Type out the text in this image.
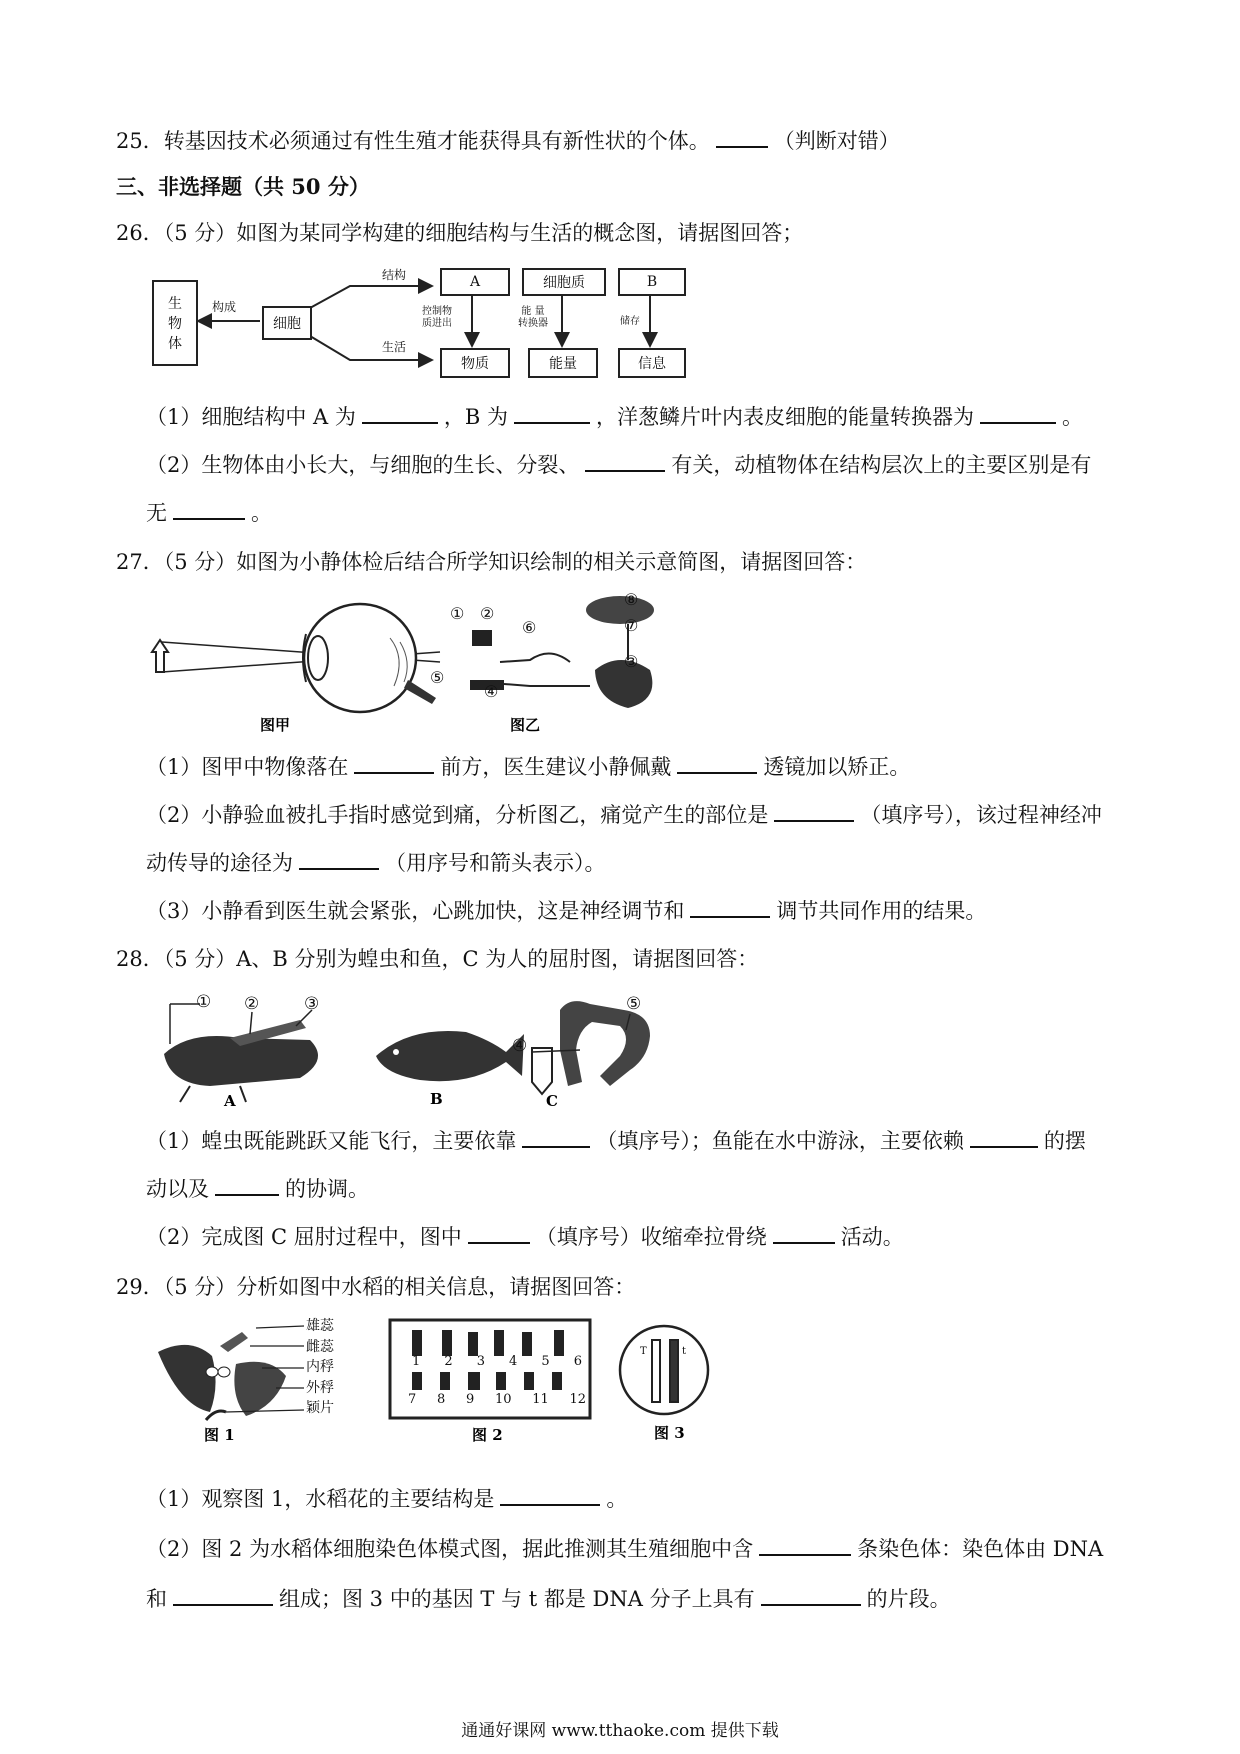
25．转基因技术必须通过有性生殖才能获得具有新性状的个体。	（判断对错）
三、非选择题（共 50 分）
26．（5 分）如图为某同学构建的细胞结构与生活的概念图，请据图回答；
生
物
体
构成
细胞
结构
生活
A	细胞质	B
控制物
质进出
能 量
转换器	储存
物质	能量	信息
（1）细胞结构中 A 为	，B 为	，洋葱鳞片叶内表皮细胞的能量转换器为	。
（2）生物体由小长大，与细胞的生长、分裂、	有关，动植物体在结构层次上的主要区别是有
无	。
27．（5 分）如图为小静体检后结合所学知识绘制的相关示意简图，请据图回答：
图甲	图乙
① ②
③
④
⑤
⑥	⑦
⑧
（1）图甲中物像落在	前方，医生建议小静佩戴	透镜加以矫正。
（2）小静验血被扎手指时感觉到痛，分析图乙，痛觉产生的部位是	（填序号），该过程神经冲
动传导的途径为	（用序号和箭头表示）。
（3）小静看到医生就会紧张，心跳加快，这是神经调节和	调节共同作用的结果。
28．（5 分）A、B 分别为蝗虫和鱼，C 为人的屈肘图，请据图回答：
A	B	C
① ②	③
④
⑤
（1）蝗虫既能跳跃又能飞行，主要依靠	（填序号）；鱼能在水中游泳，主要依赖	的摆
动以及	的协调。
（2）完成图 C 屈肘过程中，图中	（填序号）收缩牵拉骨绕	活动。
29．（5 分）分析如图中水稻的相关信息，请据图回答：
图 1	图 2	图 3
雄蕊
雌蕊
内稃
外稃
颖片
1 2 3 4 5 6
7 8 9 10 11 12
T	t
（1）观察图 1，水稻花的主要结构是	。
（2）图 2 为水稻体细胞染色体模式图，据此推测其生殖细胞中含	条染色体：染色体由 DNA
和	组成；图 3 中的基因 T 与 t 都是 DNA 分子上具有	的片段。
通通好课网 www.tthaoke.com 提供下载
